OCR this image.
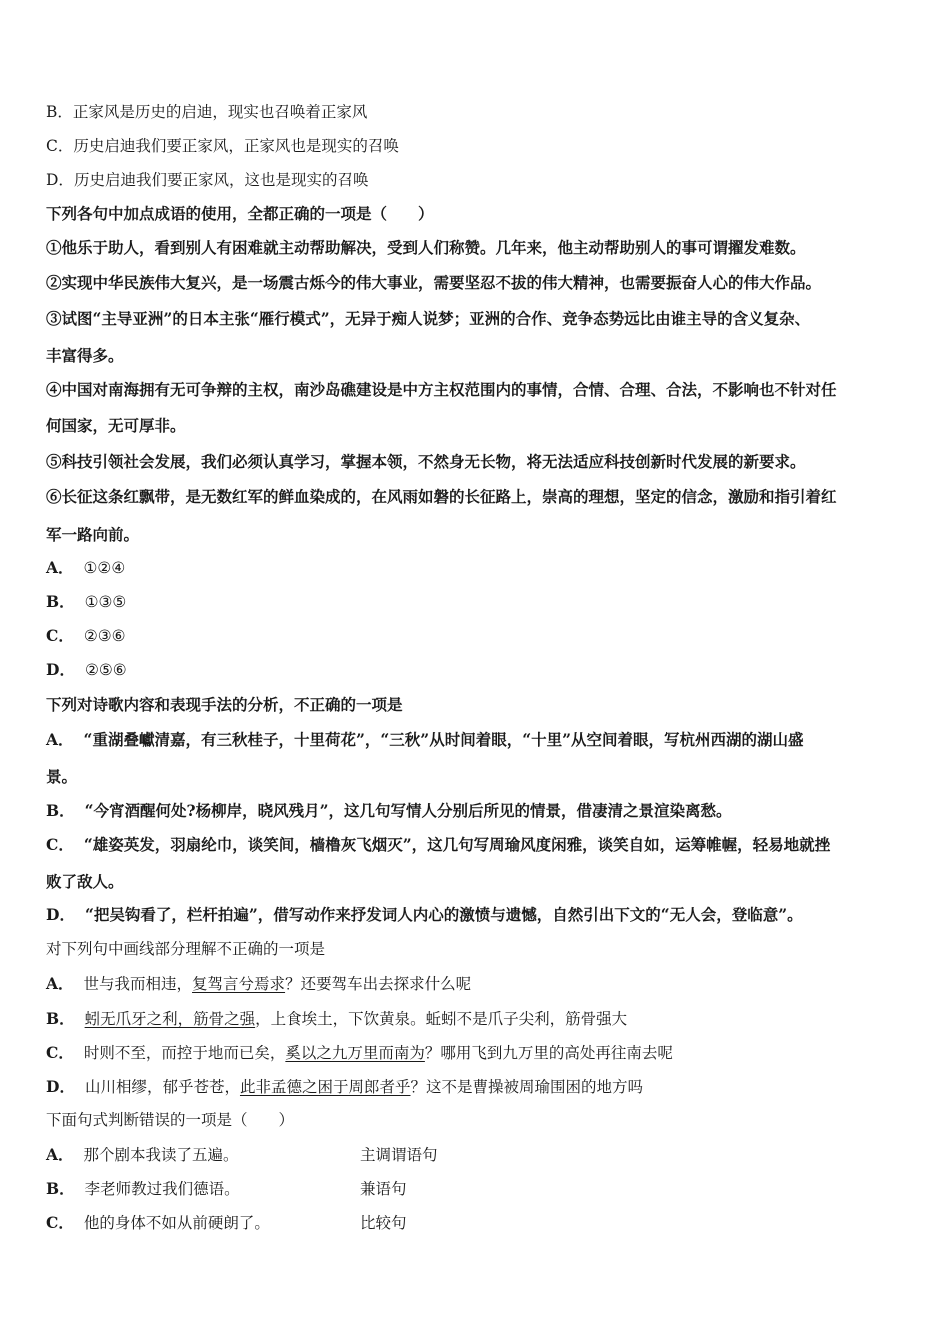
B．正家风是历史的启迪，现实也召唤着正家风
C．历史启迪我们要正家风，正家风也是现实的召唤
D．历史启迪我们要正家风，这也是现实的召唤
下列各句中加点成语的使用，全都正确的一项是（　　）
①他乐于助人，看到别人有困难就主动帮助解决，受到人们称赞。几年来，他主动帮助别人的事可谓擢发难数。
②实现中华民族伟大复兴，是一场震古烁今的伟大事业，需要坚忍不拔的伟大精神，也需要振奋人心的伟大作品。
③试图“主导亚洲”的日本主张“雁行模式”，无异于痴人说梦；亚洲的合作、竞争态势远比由谁主导的含义复杂、
丰富得多。
④中国对南海拥有无可争辩的主权，南沙岛礁建设是中方主权范围内的事情，合情、合理、合法，不影响也不针对任
何国家，无可厚非。
⑤科技引领社会发展，我们必须认真学习，掌握本领，不然身无长物，将无法适应科技创新时代发展的新要求。
⑥长征这条红飘带，是无数红军的鲜血染成的，在风雨如磐的长征路上，崇高的理想，坚定的信念，激励和指引着红
军一路向前。
A． ①②④
B． ①③⑤
C． ②③⑥
D． ②⑤⑥
下列对诗歌内容和表现手法的分析，不正确的一项是
A． “重湖叠巘清嘉，有三秋桂子，十里荷花”，“三秋”从时间着眼，“十里”从空间着眼，写杭州西湖的湖山盛
景。
B． “今宵酒醒何处?杨柳岸，晓风残月”，这几句写情人分别后所见的情景，借凄清之景渲染离愁。
C． “雄姿英发，羽扇纶巾，谈笑间，樯橹灰飞烟灭”，这几句写周瑜风度闲雅，谈笑自如，运筹帷幄，轻易地就挫
败了敌人。
D． “把吴钩看了，栏杆拍遍”，借写动作来抒发词人内心的激愤与遗憾，自然引出下文的“无人会，登临意”。
对下列句中画线部分理解不正确的一项是
A． 世与我而相违，复驾言兮焉求？还要驾车出去探求什么呢
B． 蚓无爪牙之利，筋骨之强，上食埃土，下饮黄泉。蚯蚓不是爪子尖利，筋骨强大
C． 时则不至，而控于地而已矣，奚以之九万里而南为？哪用飞到九万里的高处再往南去呢
D． 山川相缪，郁乎苍苍，此非孟德之困于周郎者乎？这不是曹操被周瑜围困的地方吗
下面句式判断错误的一项是（　　）
A． 那个剧本我读了五遍。	主调谓语句
B． 李老师教过我们德语。	兼语句
C． 他的身体不如从前硬朗了。	比较句
